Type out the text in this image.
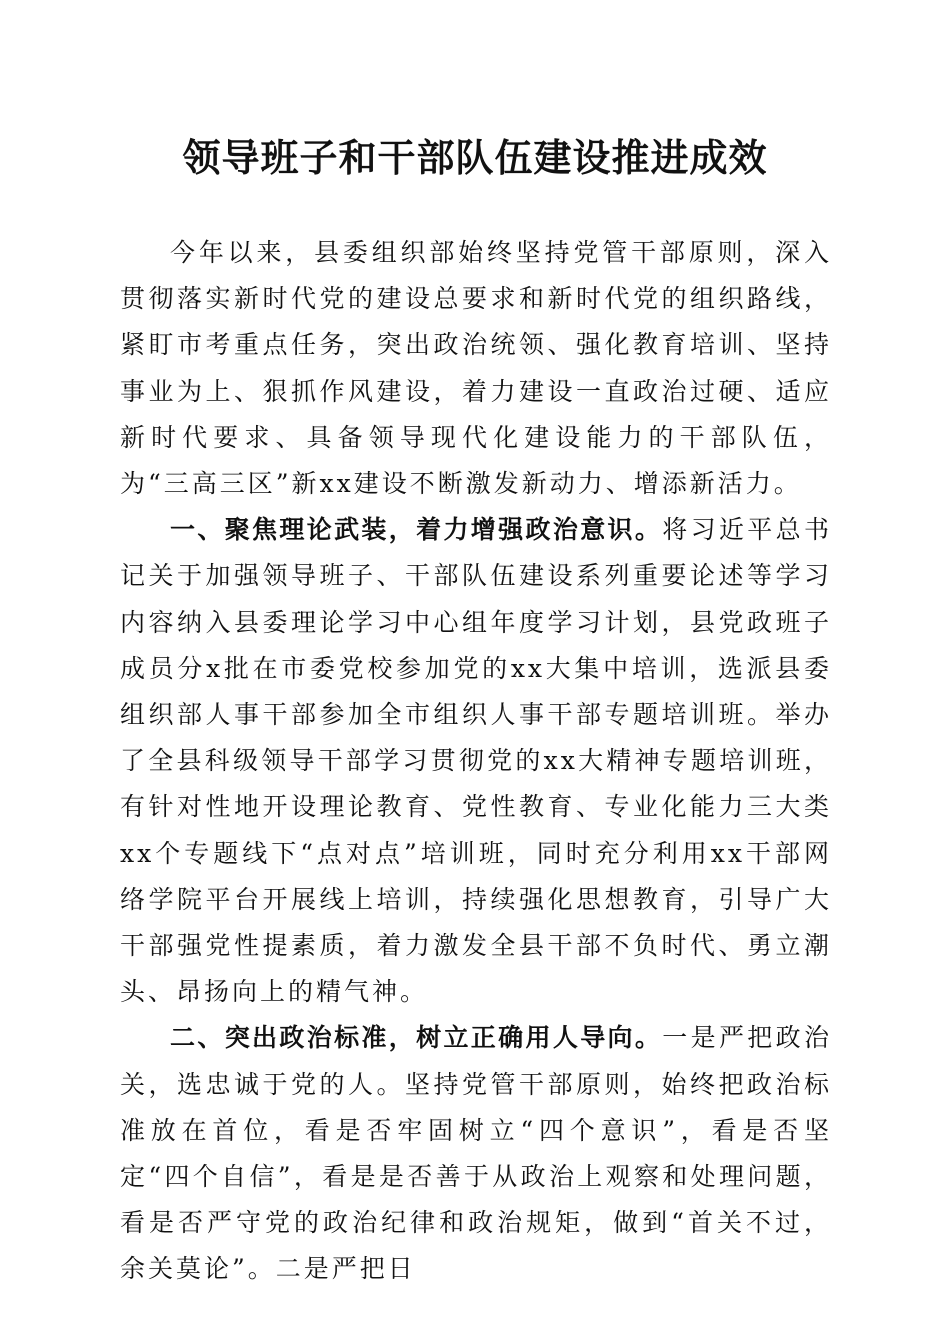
领导班子和干部队伍建设推进成效

今年以来，县委组织部始终坚持党管干部原则，深入贯彻落实新时代党的建设总要求和新时代党的组织路线，紧盯市考重点任务，突出政治统领、强化教育培训、坚持事业为上、狠抓作风建设，着力建设一直政治过硬、适应新时代要求、具备领导现代化建设能力的干部队伍，为“三高三区”新xx建设不断激发新动力、增添新活力。

一、聚焦理论武装，着力增强政治意识。将习近平总书记关于加强领导班子、干部队伍建设系列重要论述等学习内容纳入县委理论学习中心组年度学习计划，县党政班子成员分x批在市委党校参加党的xx大集中培训，选派县委组织部人事干部参加全市组织人事干部专题培训班。举办了全县科级领导干部学习贯彻党的xx大精神专题培训班，有针对性地开设理论教育、党性教育、专业化能力三大类xx个专题线下“点对点”培训班，同时充分利用xx干部网络学院平台开展线上培训，持续强化思想教育，引导广大干部强党性提素质，着力激发全县干部不负时代、勇立潮头、昂扬向上的精气神。

二、突出政治标准，树立正确用人导向。一是严把政治关，选忠诚于党的人。坚持党管干部原则，始终把政治标准放在首位，看是否牢固树立“四个意识”，看是否坚定“四个自信”，看是是否善于从政治上观察和处理问题，看是否严守党的政治纪律和政治规矩，做到“首关不过，余关莫论”。二是严把日
